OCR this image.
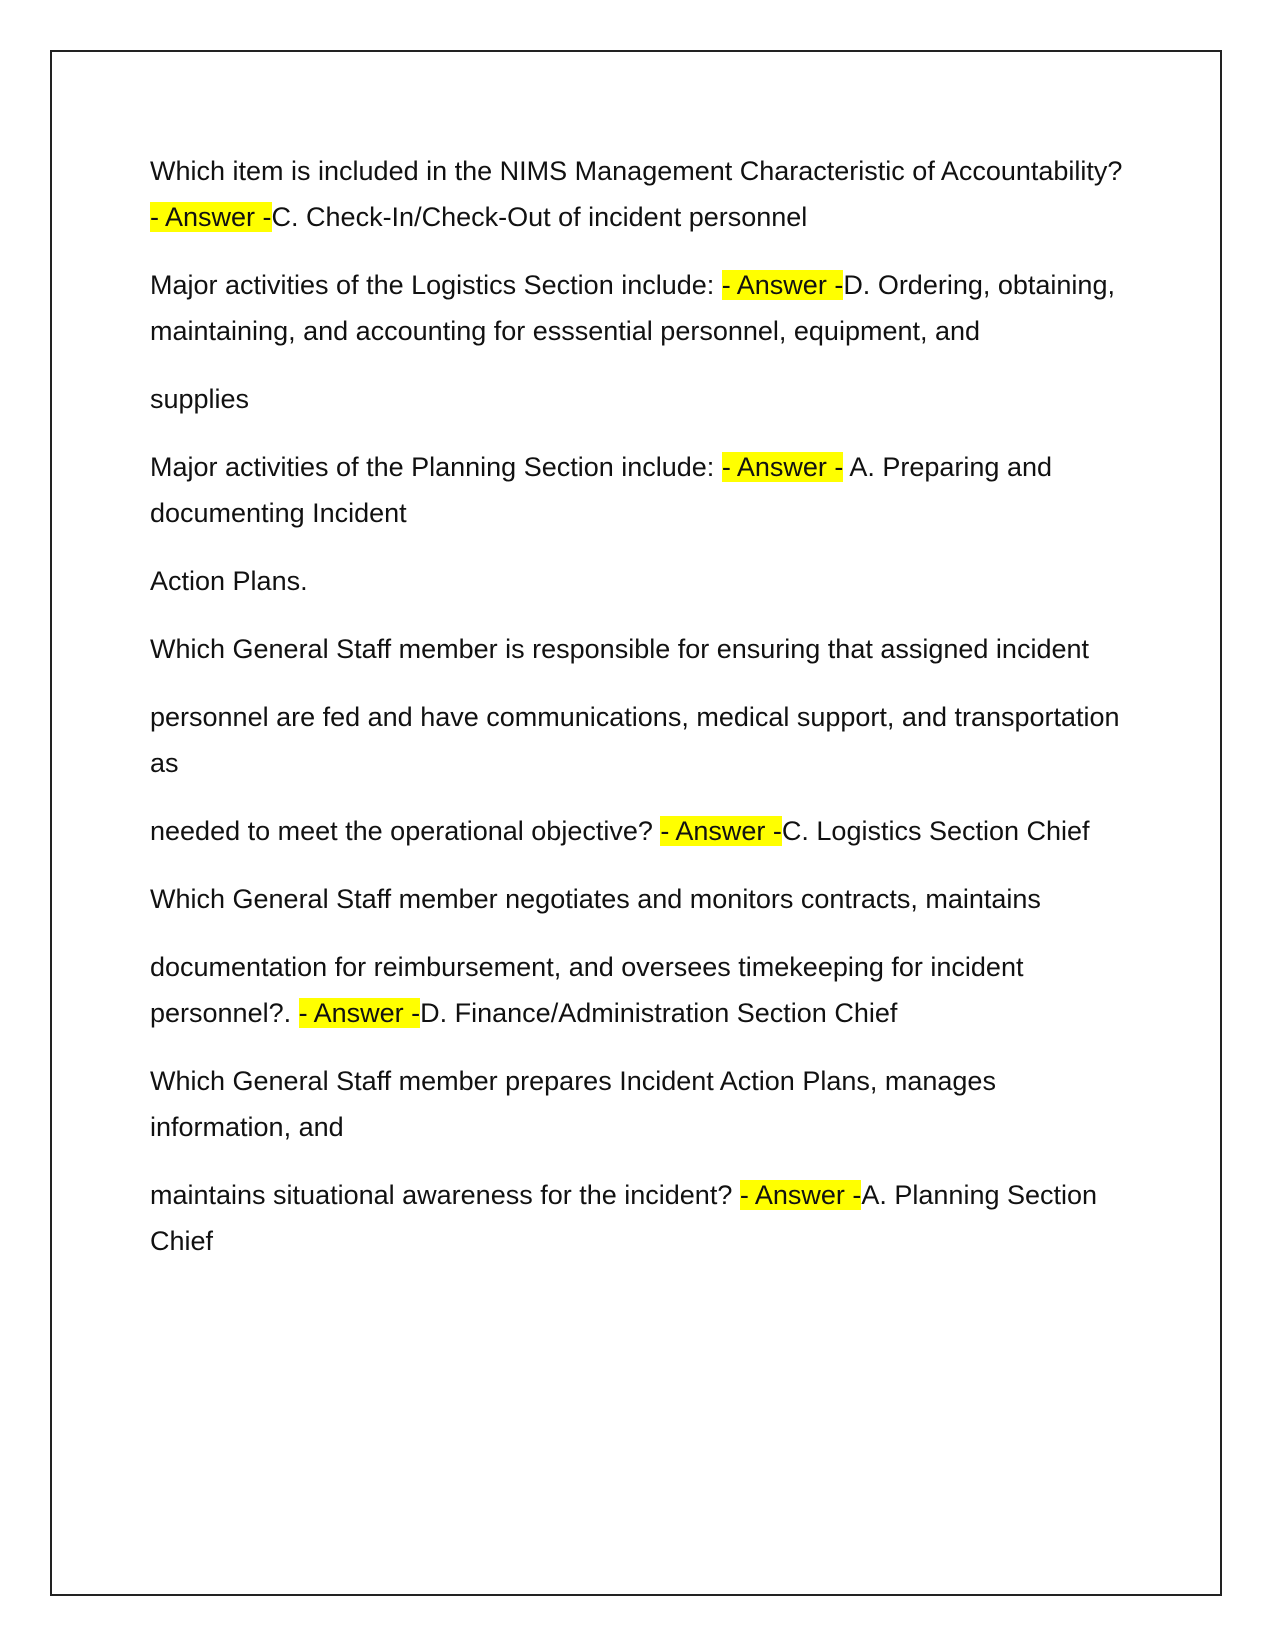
Which item is included in the NIMS Management Characteristic of Accountability? - Answer -C. Check-In/Check-Out of incident personnel

Major activities of the Logistics Section include: - Answer -D. Ordering, obtaining, maintaining, and accounting for esssential personnel, equipment, and

supplies

Major activities of the Planning Section include: - Answer - A. Preparing and documenting Incident

Action Plans.

Which General Staff member is responsible for ensuring that assigned incident

personnel are fed and have communications, medical support, and transportation as

needed to meet the operational objective? - Answer -C. Logistics Section Chief

Which General Staff member negotiates and monitors contracts, maintains

documentation for reimbursement, and oversees timekeeping for incident personnel?. - Answer -D. Finance/Administration Section Chief

Which General Staff member prepares Incident Action Plans, manages information, and

maintains situational awareness for the incident? - Answer -A. Planning Section Chief
